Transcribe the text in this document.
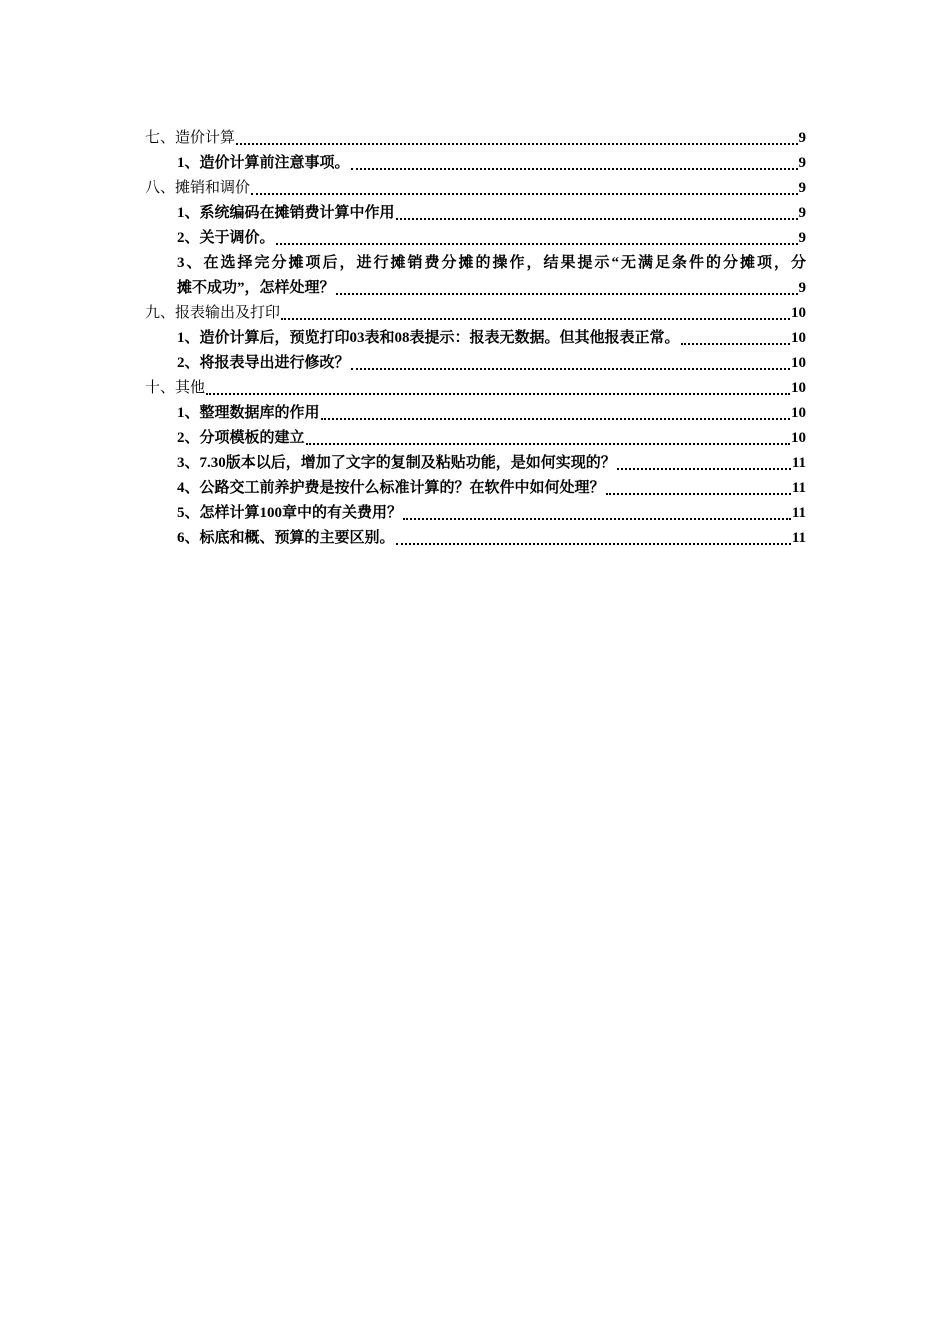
七、造价计算	9
1、造价计算前注意事项。	9
八、摊销和调价	9
1、系统编码在摊销费计算中作用	9
2、关于调价。	9
3、在选择完分摊项后，进行摊销费分摊的操作，结果提示“无满足条件的分摊项，分
摊不成功”，怎样处理？	9
九、报表输出及打印	10
1、造价计算后，预览打印03表和08表提示：报表无数据。但其他报表正常。	10
2、将报表导出进行修改？	10
十、其他	10
1、整理数据库的作用	10
2、分项模板的建立	10
3、7.30版本以后，增加了文字的复制及粘贴功能，是如何实现的？	11
4、公路交工前养护费是按什么标准计算的？在软件中如何处理？	11
5、怎样计算100章中的有关费用？	11
6、标底和概、预算的主要区别。	11
